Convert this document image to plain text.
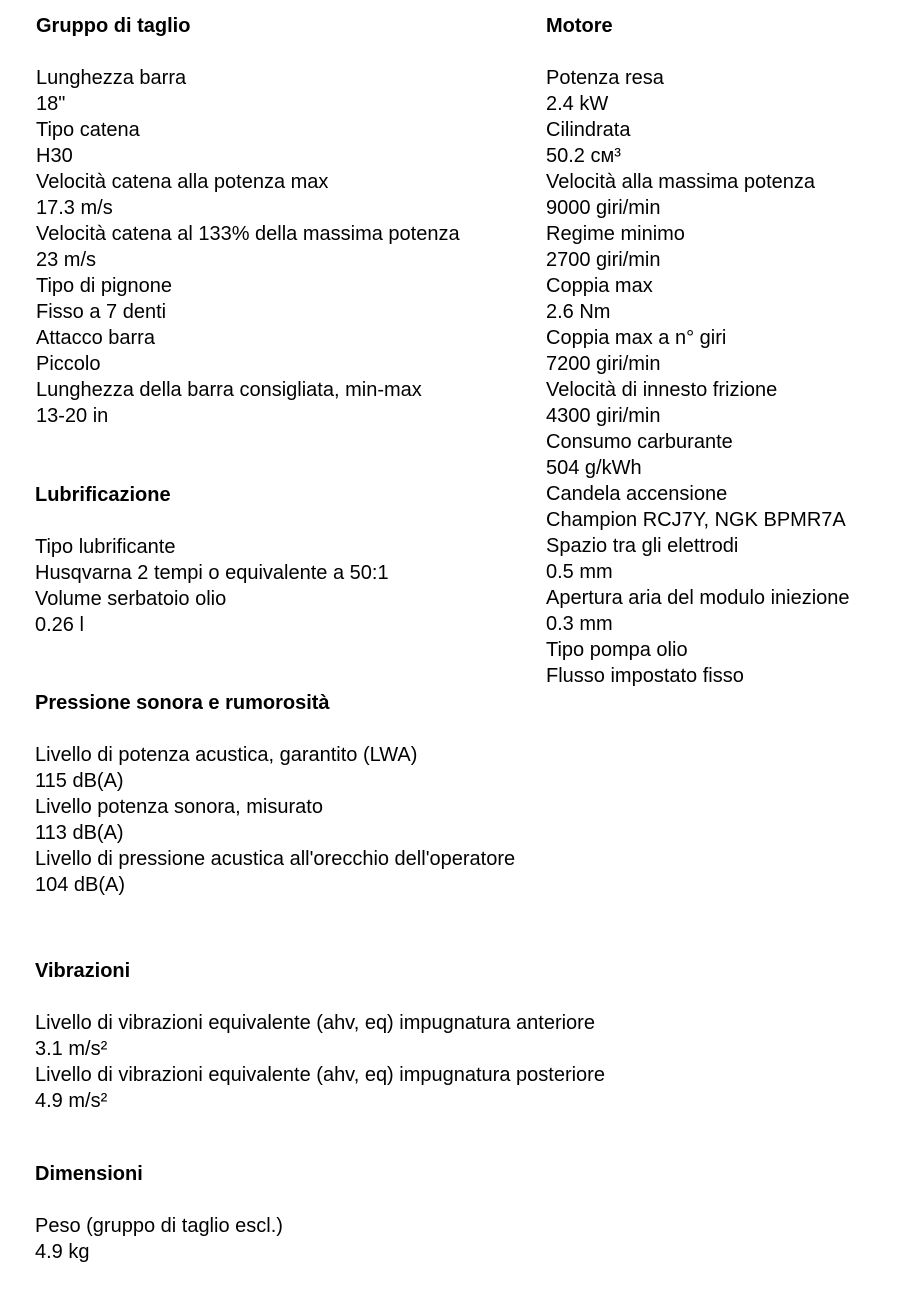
Gruppo di taglio
Lunghezza barra
18"
Tipo catena
H30
Velocità catena alla potenza max
17.3 m/s
Velocità catena al 133% della massima potenza
23 m/s
Tipo di pignone
Fisso a 7 denti
Attacco barra
Piccolo
Lunghezza della barra consigliata, min-max
13-20 in
Motore
Potenza resa
2.4 kW
Cilindrata
50.2 см³
Velocità alla massima potenza
9000 giri/min
Regime minimo
2700 giri/min
Coppia max
2.6 Nm
Coppia max a n° giri
7200 giri/min
Velocità di innesto frizione
4300 giri/min
Consumo carburante
504 g/kWh
Candela accensione
Champion RCJ7Y, NGK BPMR7A
Spazio tra gli elettrodi
0.5 mm
Apertura aria del modulo iniezione
0.3 mm
Tipo pompa olio
Flusso impostato fisso
Lubrificazione
Tipo lubrificante
Husqvarna 2 tempi o equivalente a 50:1
Volume serbatoio olio
0.26 l
Pressione sonora e rumorosità
Livello di potenza acustica, garantito (LWA)
115 dB(A)
Livello potenza sonora, misurato
113 dB(A)
Livello di pressione acustica all'orecchio dell'operatore
104 dB(A)
Vibrazioni
Livello di vibrazioni equivalente (ahv, eq) impugnatura anteriore
3.1 m/s²
Livello di vibrazioni equivalente (ahv, eq) impugnatura posteriore
4.9 m/s²
Dimensioni
Peso (gruppo di taglio escl.)
4.9 kg
